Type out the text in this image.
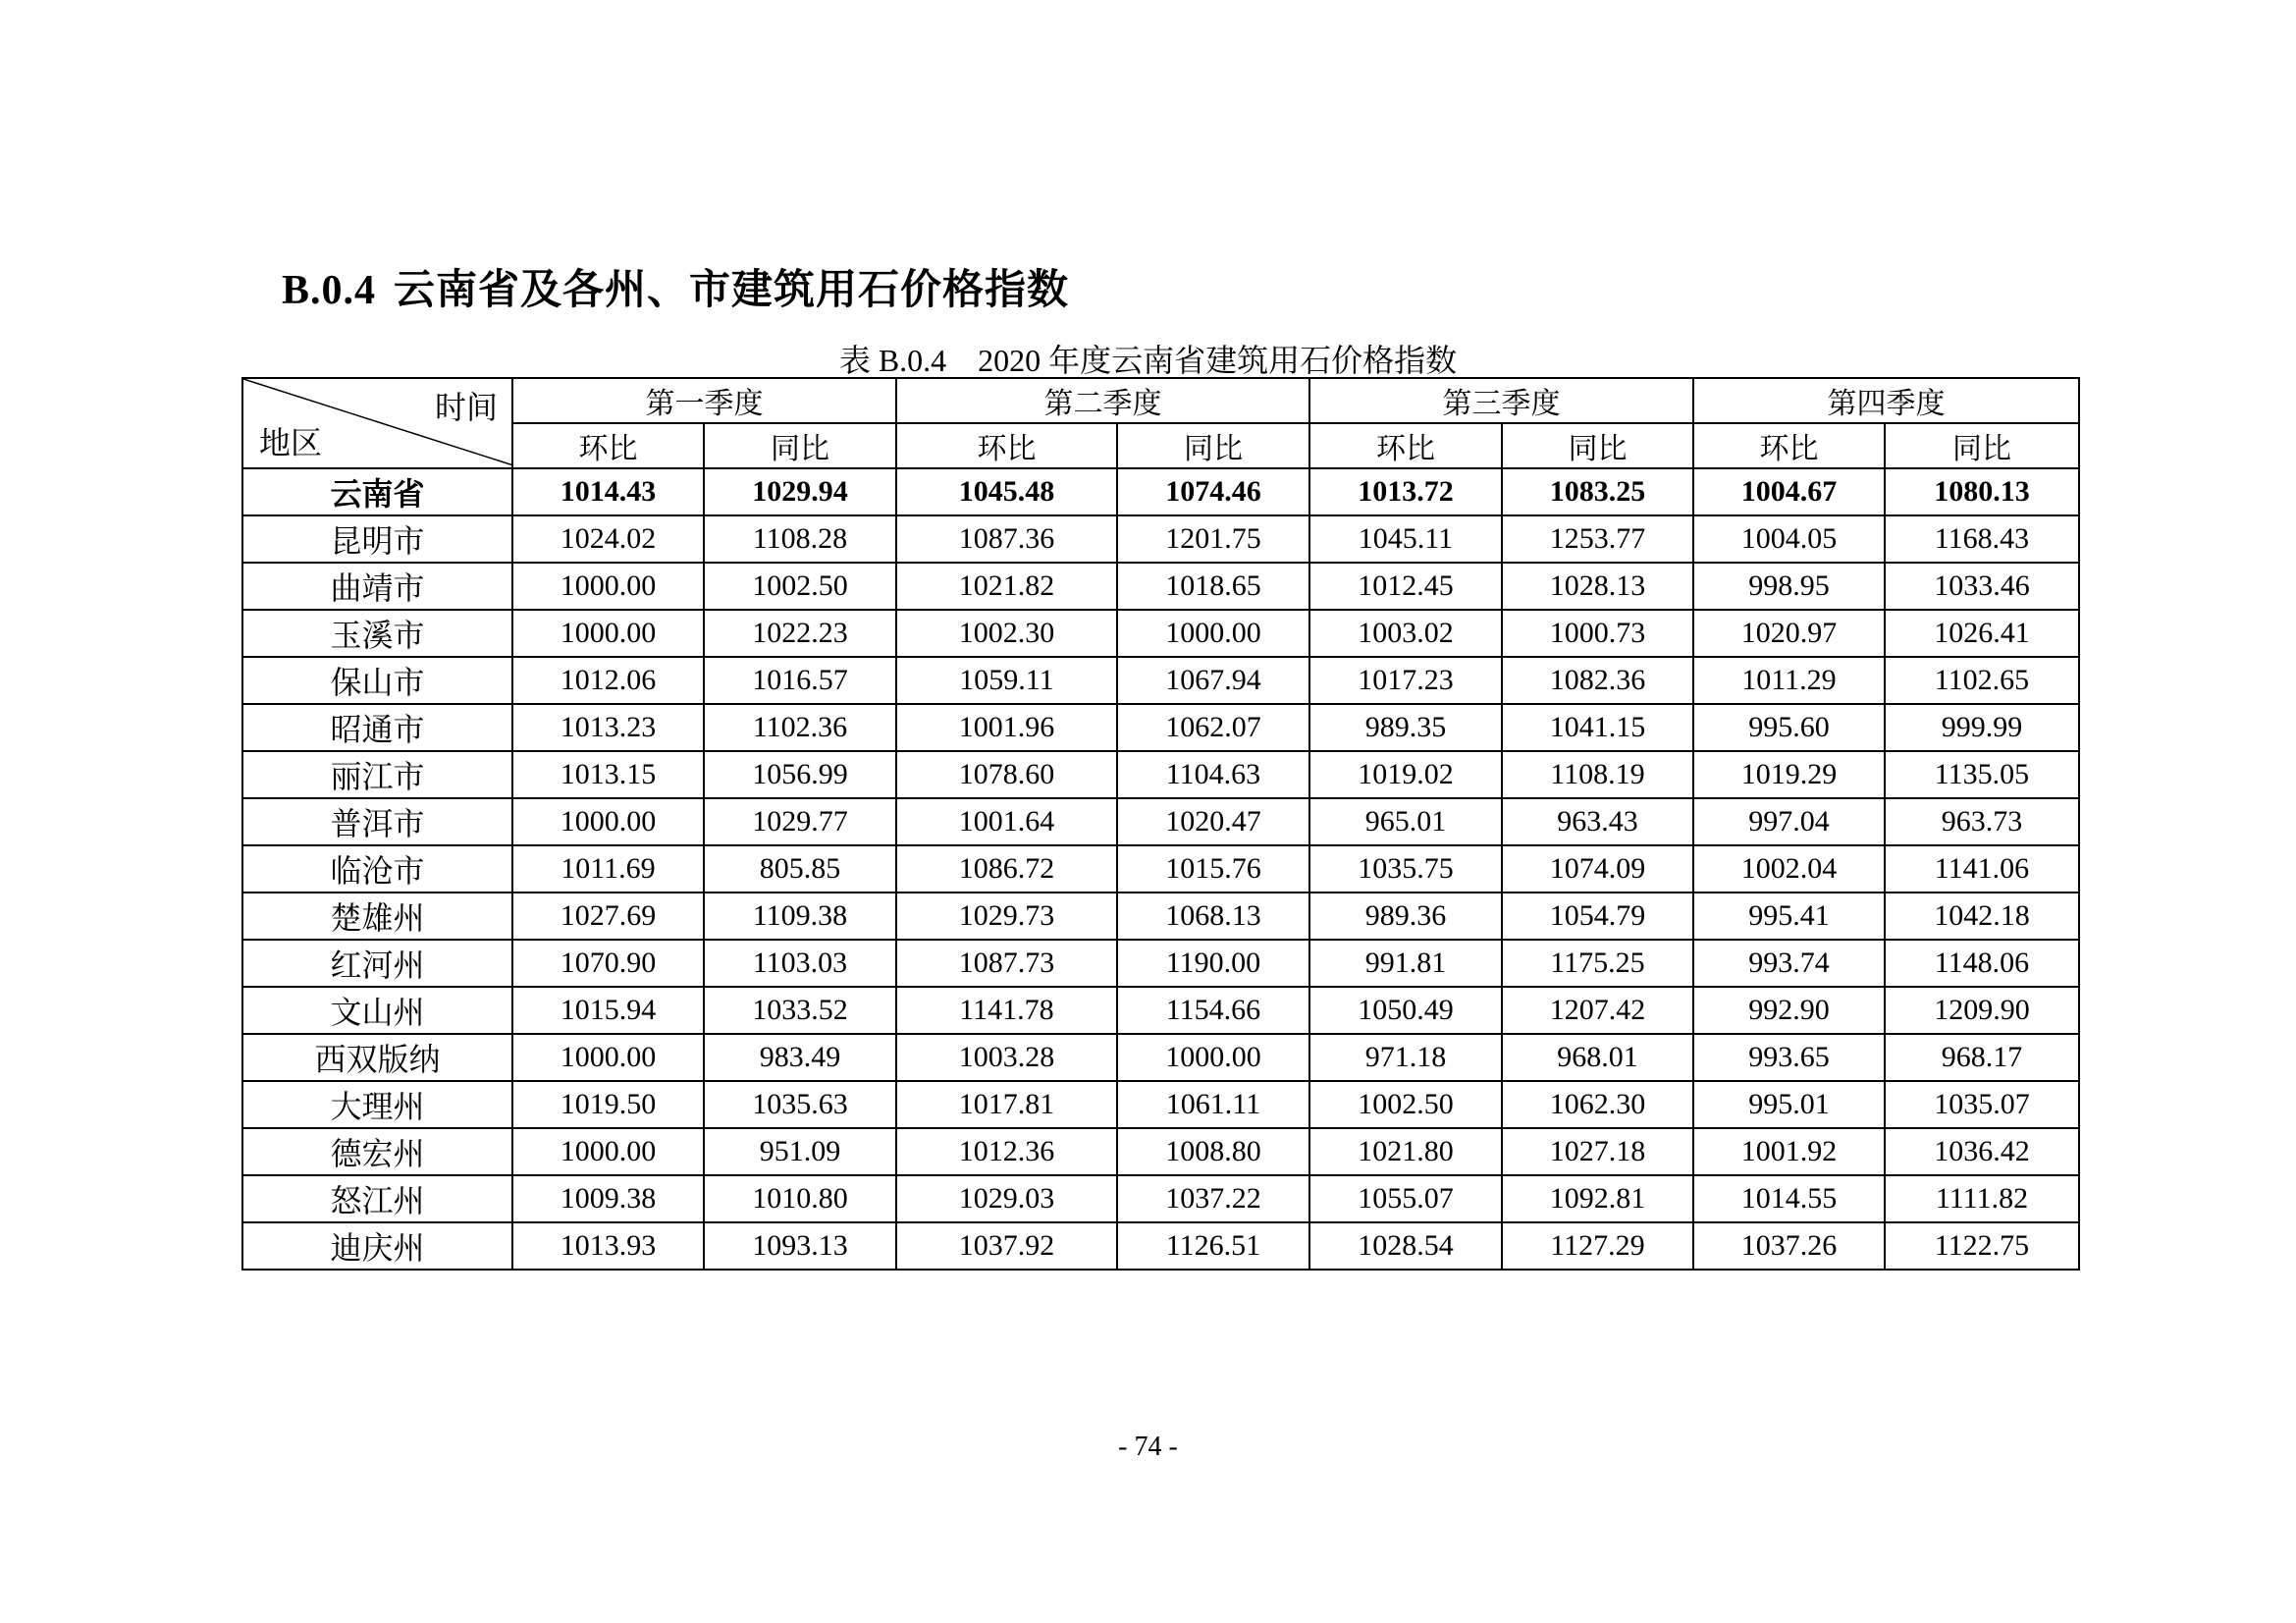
B.0.4 云南省及各州、市建筑用石价格指数
表 B.0.4 2020 年度云南省建筑用石价格指数
时间
地区	第一季度		第二季度		第三季度		第四季度	
	环比	同比	环比	同比	环比	同比	环比	同比
云南省	1014.43	1029.94	1045.48	1074.46	1013.72	1083.25	1004.67	1080.13
昆明市	1024.02	1108.28	1087.36	1201.75	1045.11	1253.77	1004.05	1168.43
曲靖市	1000.00	1002.50	1021.82	1018.65	1012.45	1028.13	998.95	1033.46
玉溪市	1000.00	1022.23	1002.30	1000.00	1003.02	1000.73	1020.97	1026.41
保山市	1012.06	1016.57	1059.11	1067.94	1017.23	1082.36	1011.29	1102.65
昭通市	1013.23	1102.36	1001.96	1062.07	989.35	1041.15	995.60	999.99
丽江市	1013.15	1056.99	1078.60	1104.63	1019.02	1108.19	1019.29	1135.05
普洱市	1000.00	1029.77	1001.64	1020.47	965.01	963.43	997.04	963.73
临沧市	1011.69	805.85	1086.72	1015.76	1035.75	1074.09	1002.04	1141.06
楚雄州	1027.69	1109.38	1029.73	1068.13	989.36	1054.79	995.41	1042.18
红河州	1070.90	1103.03	1087.73	1190.00	991.81	1175.25	993.74	1148.06
文山州	1015.94	1033.52	1141.78	1154.66	1050.49	1207.42	992.90	1209.90
西双版纳	1000.00	983.49	1003.28	1000.00	971.18	968.01	993.65	968.17
大理州	1019.50	1035.63	1017.81	1061.11	1002.50	1062.30	995.01	1035.07
德宏州	1000.00	951.09	1012.36	1008.80	1021.80	1027.18	1001.92	1036.42
怒江州	1009.38	1010.80	1029.03	1037.22	1055.07	1092.81	1014.55	1111.82
迪庆州	1013.93	1093.13	1037.92	1126.51	1028.54	1127.29	1037.26	1122.75
- 74 -
